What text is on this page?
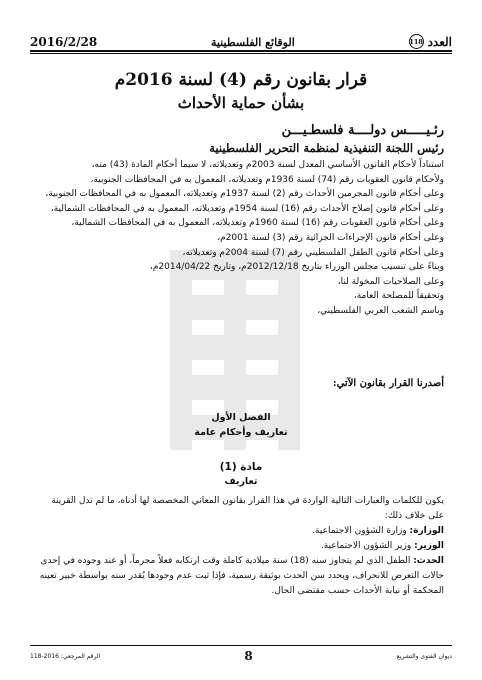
العدد
118
الوقائع الفلسطينية
2016/2/28
قرار بقانون رقم (4) لسنة 2016م
بشأن حماية الأحداث
رئـيـــــس دولــــة فلسطـيـــن
رئيس اللجنة التنفيذية لمنظمة التحرير الفلسطينية

استناداً لأحكام القانون الأساسي المعدل لسنة 2003م وتعديلاته، لا سيما أحكام المادة (43) منه،

ولأحكام قانون العقوبات رقم (74) لسنة 1936م وتعديلاته، المعمول به في المحافظات الجنوبية،

وعلى أحكام قانون المجرمين الأحداث رقم (2) لسنة 1937م وتعديلاته، المعمول به في المحافظات الجنوبية،

وعلى أحكام قانون إصلاح الأحداث رقم (16) لسنة 1954م وتعديلاته، المعمول به في المحافظات الشمالية،

وعلى أحكام قانون العقوبات رقم (16) لسنة 1960م وتعديلاته، المعمول به في المحافظات الشمالية،

وعلى أحكام قانون الإجراءات الجزائية رقم (3) لسنة 2001م،

وعلى أحكام قانون الطفل الفلسطيني رقم (7) لسنة 2004م وتعديلاته،

وبناءً على تنسيب مجلس الوزراء بتاريخ 2012/12/18م، وتاريخ 2014/04/22م،

وعلى الصلاحيات المخولة لنا،

وتحقيقاً للمصلحة العامة،

وباسم الشعب العربي الفلسطيني،

أصدرنا القرار بقانون الآتي:
الفصل الأول
تعاريف وأحكام عامة
مادة (1)
تعاريف

يكون للكلمات والعبارات التالية الواردة في هذا القرار بقانون المعاني المخصصة لها أدناه، ما لم تدل القرينة على خلاف ذلك:

الوزارة: وزارة الشؤون الاجتماعية.

الوزير: وزير الشؤون الاجتماعية.

الحدث: الطفل الذي لم يتجاوز سنه (18) سنة ميلادية كاملة وقت ارتكابه فعلاً مجرماً، أو عند وجوده في إحدى حالات التعرض للانحراف، ويحدد سن الحدث بوثيقة رسمية، فإذا ثبت عدم وجودها يُقدر سنه بواسطة خبير تعينه المحكمة أو نيابة الأحداث حسب مقتضى الحال.

ديوان الفتوى والتشريع
8
الرقم المرجعي: 2016-118
